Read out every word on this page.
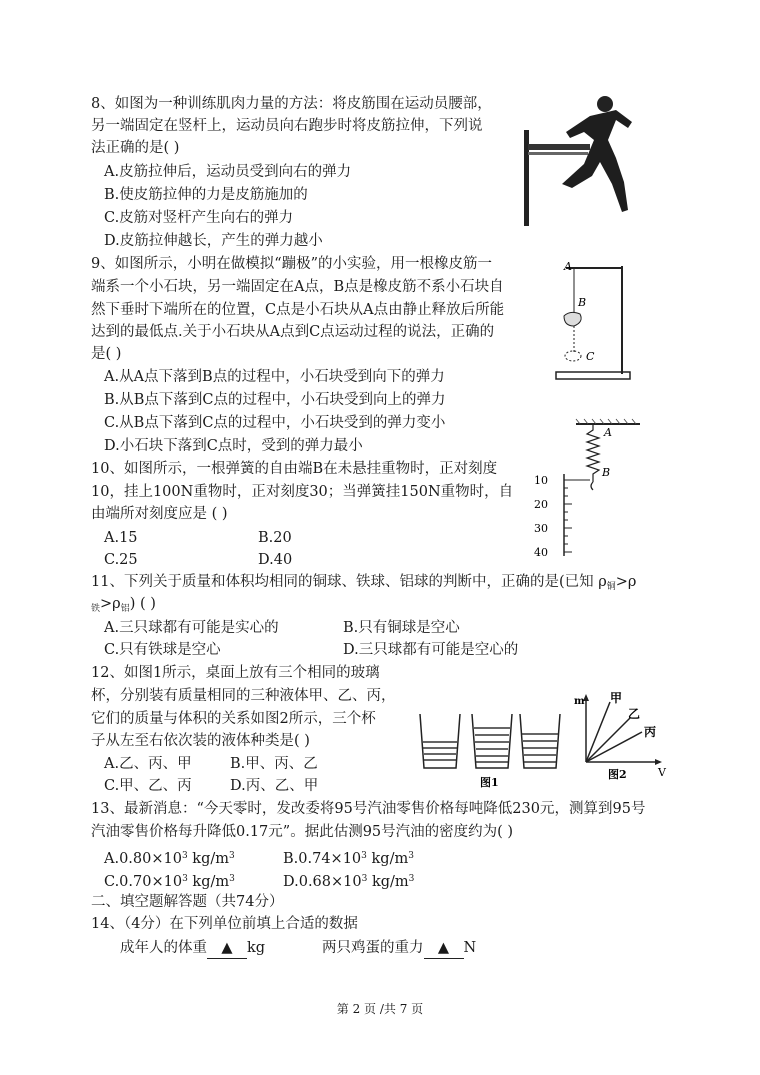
8、如图为一种训练肌肉力量的方法：将皮筋围在运动员腰部，
另一端固定在竖杆上，运动员向右跑步时将皮筋拉伸，下列说
法正确的是( )
A.皮筋拉伸后，运动员受到向右的弹力
B.使皮筋拉伸的力是皮筋施加的
C.皮筋对竖杆产生向右的弹力
D.皮筋拉伸越长，产生的弹力越小
9、如图所示，小明在做模拟“蹦极”的小实验，用一根橡皮筋一
端系一个小石块，另一端固定在A点，B点是橡皮筋不系小石块自
然下垂时下端所在的位置，C点是小石块从A点由静止释放后所能
达到的最低点.关于小石块从A点到C点运动过程的说法，正确的
是( )
A.从A点下落到B点的过程中，小石块受到向下的弹力
B.从B点下落到C点的过程中，小石块受到向上的弹力
C.从B点下落到C点的过程中，小石块受到的弹力变小
D.小石块下落到C点时，受到的弹力最小
A
B
C
10、如图所示，一根弹簧的自由端B在未悬挂重物时，正对刻度
10，挂上100N重物时，正对刻度30；当弹簧挂150N重物时，自
由端所对刻度应是 ( )
A.15	B.20
C.25	D.40
A
B
10
20
30
40
11、下列关于质量和体积均相同的铜球、铁球、铝球的判断中，正确的是(已知 $\rho_铜>\rho$
$_铁>\rho_铝$) ( )
A.三只球都有可能是实心的	B.只有铜球是空心
C.只有铁球是空心	D.三只球都有可能是空心的
12、如图1所示，桌面上放有三个相同的玻璃
杯，分别装有质量相同的三种液体甲、乙、丙，
它们的质量与体积的关系如图2所示，三个杯
子从左至右依次装的液体种类是( )
A.乙、丙、甲	B.甲、丙、乙
C.甲、乙、丙	D.丙、乙、甲	图1
m
V
甲
乙
丙
图2
13、最新消息：“今天零时，发改委将95号汽油零售价格每吨降低230元，测算到95号
汽油零售价格每升降低0.17元”。据此估测95号汽油的密度约为( )
$A.0.80\times 10^3$ $kg/m^3$	$B.0.74\times 10^3$ $kg/m^3$
$C.0.70\times 10^3$ $kg/m^3$	$D.0.68\times 10^3$ $kg/m^3$
二、填空题解答题（共74分）
14、（4分）在下列单位前填上合适的数据
成年人的体重 ▲ kg	两只鸡蛋的重力 ▲ N
第 2 页 /共 7 页
